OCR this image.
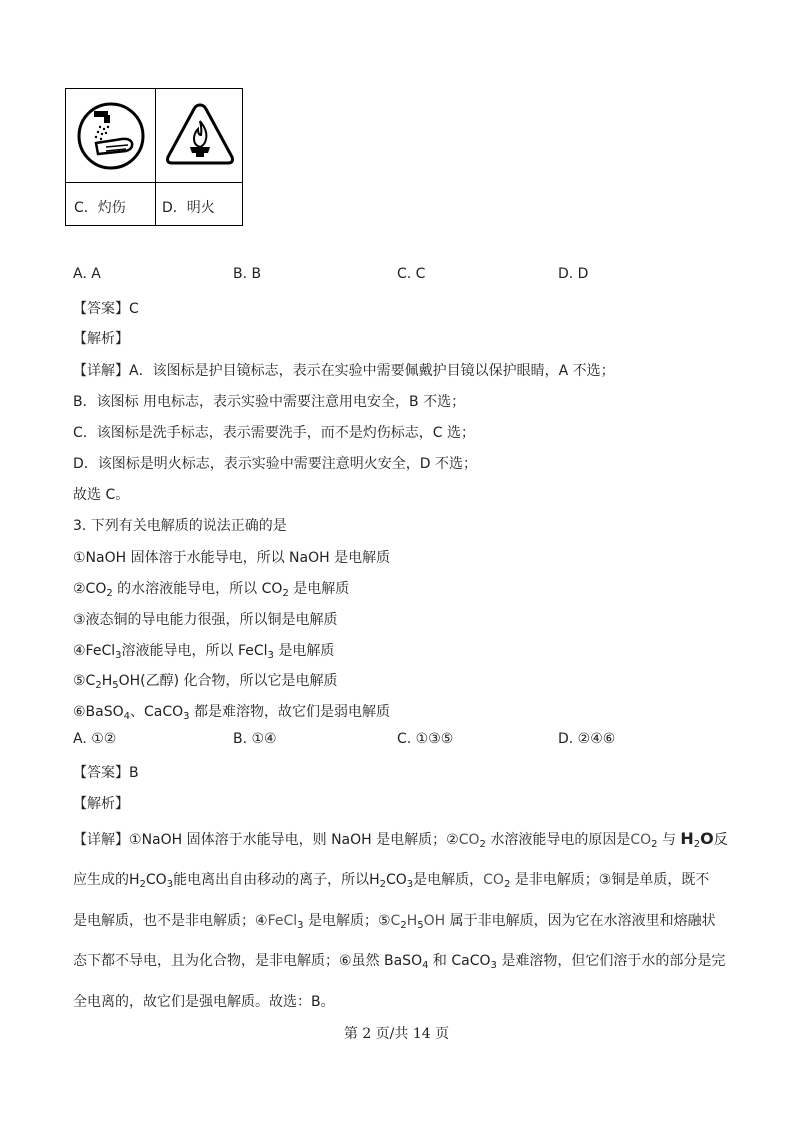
C．灼伤	D．明火
A. A	B. B	C. C	D. D
【答案】C
【解析】
【详解】A．该图标是护目镜标志，表示在实验中需要佩戴护目镜以保护眼睛，A 不选；
B．该图标 用电标志，表示实验中需要注意用电安全，B 不选；
C．该图标是洗手标志，表示需要洗手，而不是灼伤标志，C 选；
D．该图标是明火标志，表示实验中需要注意明火安全，D 不选；
故选 C。
3. 下列有关电解质的说法正确的是
①NaOH 固体溶于水能导电，所以 NaOH 是电解质
$②CO_2$ 的水溶液能导电，所以 $CO_2$ 是电解质
③液态铜的导电能力很强，所以铜是电解质
④FeCl$_3$溶液能导电，所以 FeCl$_3$ 是电解质
$⑤C_2H_5OH$(乙醇) 化合物，所以它是电解质
⑥BaSO$_4$、CaCO$_3$ 都是难溶物，故它们是弱电解质
A. ①②	B. ①④	C. ①③⑤	D. ②④⑥
【答案】B
【解析】
【详解】①NaOH 固体溶于水能导电，则 NaOH 是电解质；$②CO_2$ 水溶液能导电的原因是$CO_2$ 与 $H_2O$反
应生成的$H_2CO_3$能电离出自由移动的离子，所以$H_2CO_3$是电解质，$CO_2$ 是非电解质；③铜是单质，既不
是电解质，也不是非电解质；④FeCl$_3$ 是电解质；$⑤C_2H_5OH$ 属于非电解质，因为它在水溶液里和熔融状
态下都不导电，且为化合物，是非电解质；⑥虽然 BaSO$_4$ 和 CaCO$_3$ 是难溶物，但它们溶于水的部分是完
全电离的，故它们是强电解质。故选：B。
第 2 页/共 14 页
